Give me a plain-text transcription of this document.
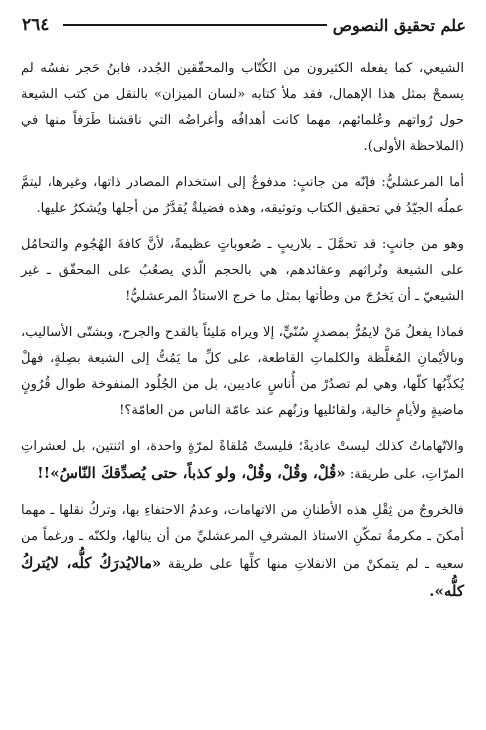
٢٦٤	علم تحقيق النصوص

الشيعي، كما يفعله الكثيرون من الكُتّاب والمحقّقين الجُدد، فابنُ حَجر نفسُه لم يسمحْ بمثل هذا الإهمال، فقد ملأ كتابه «لسان الميزان» بالنقل من كتب الشيعة حول رُواتهم وعُلمائهم، مهما كانت أهدافُه وأغراضُه التي ناقشنا طَرَفاً منها في (الملاحظة الأولى).

أما المرعشليُّ: فإنّه من جانبٍ: مدفوعٌ إلى استخدام المصادر ذاتها، وغيرها، ليتمَّ عملُه الجيّدُ في تحقيق الكتاب وتوثيقه، وهذه فضيلةٌ يُقدَّرُ من أجلها ويُشكرُ عليها.

وهو من جانبٍ: قد تحمَّلَ ـ بلاريبٍ ـ صُعوباتٍ عظيمةً، لأنَّ كافةَ الهُجُوم والتحامُل على الشيعة وتُراثهم وعقائدهم، هي بالحجم الّذي يصعُبُ على المحقّق ـ غير الشيعيّ ـ أن يَخرُجَ من وطأتها بمثل ما خرج الاستاذُ المرعشليُّ!

فماذا يفعلُ مَنْ لايمُرُّ بمصدرٍ سُنّيٍّ، إلا ويراه مَليئاً بالقدح والجرح، وبشتّى الأساليب، وبالأيْمانِ المُغلَّظة والكلماتِ القاطعة، على كلِّ ما يَمُتُّ إلى الشيعة بصِلةٍ، فهلْ يُكذِّبُها كلّها، وهي لم تصدُرْ من أُناسٍ عاديين، بل من الجُلُود المنفوخة طوال قُرُونٍ ماضيةٍ ولأيامٍ خالية، ولقائليها وزنُهم عند عامّة الناس من العامّة؟!

والاتّهاماتُ كذلك ليستْ عاديةً؛ فليستْ مُلقاةً لمرّةٍ واحدة، او اثنتين، بل لعشراتِ المرّاتِ، على طريقة: «قُلْ، وقُلْ، وقُلْ، ولو كذباً، حتى يُصدِّقكَ النّاسُ»!!

فالخروجُ من ثِقْلِ هذه الأطنانِ من الاتهامات، وعدمُ الاحتفاءِ بها، وتركُ نقلها ـ مهما أمكنَ ـ مكرمةُ تمكّنِ الاستاذ المشرفِ المرعشليِّ من أن ينالها، ولكنّه ـ ورغماً من سعيه ـ لم يتمكنْ من الانفلاتِ منها كلِّها على طريقة «مالايُدرَكُ كلُّه، لايُتركُ كلُّه».
